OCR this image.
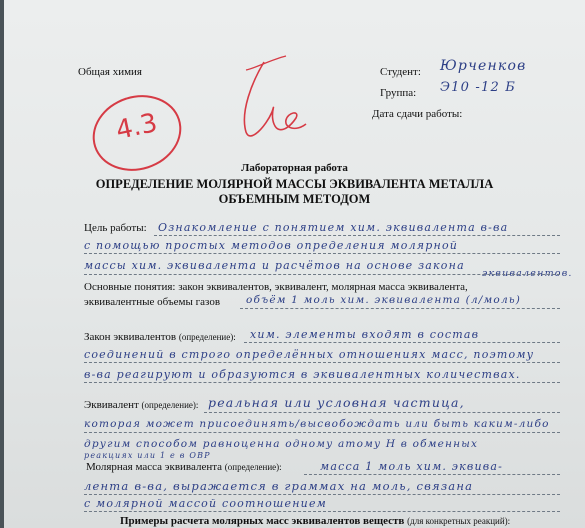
Общая химия	Студент: Юрченков
Группа: Э10 -12 Б
Дата сдачи работы:
4.3
Лабораторная работа
ОПРЕДЕЛЕНИЕ МОЛЯРНОЙ МАССЫ ЭКВИВАЛЕНТА МЕТАЛЛА
ОБЪЕМНЫМ МЕТОДОМ
Цель работы: Ознакомление с понятием хим. эквивалента в-ва
с помощью простых методов определения молярной
массы хим. эквивалента и расчётов на основе закона
эквивалентов.
Основные понятия: закон эквивалентов, эквивалент, молярная масса эквивалента,
эквивалентные объемы газов объём 1 моль хим. эквивалента (л/моль)
Закон эквивалентов (определение): хим. элементы входят в состав
соединений в строго определённых отношениях масс, поэтому
в-ва реагируют и образуются в эквивалентных количествах.
Эквивалент (определение): реальная или условная частица,
которая может присоединять/высвобождать или быть каким-либо
другим способом равноценна одному атому Н в обменных
реакциях или 1 е в ОВР
Молярная масса эквивалента (определение):	масса 1 моль хим. эквива-
лента в-ва, выражается в граммах на моль, связана
с молярной массой соотношением
Примеры расчета молярных масс эквивалентов веществ (для конкретных реакций):
